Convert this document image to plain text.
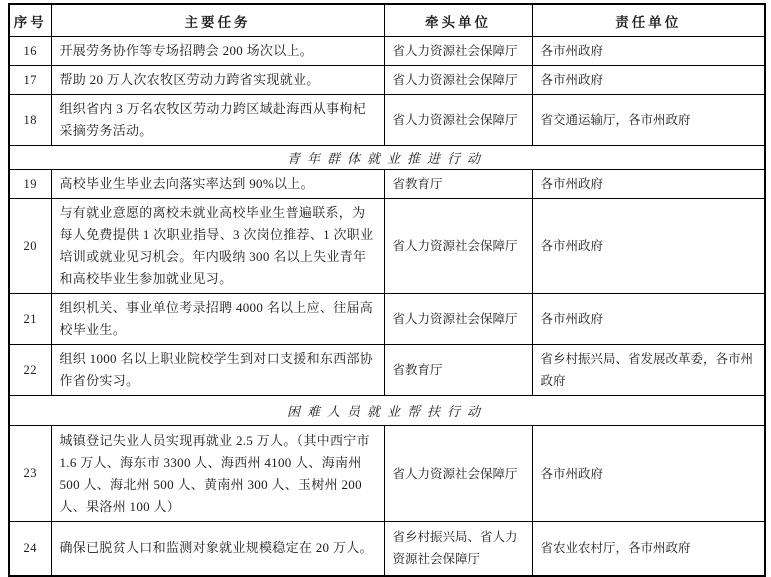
序号	主要任务	牵头单位	责任单位
16	开展劳务协作等专场招聘会 200 场次以上。	省人力资源社会保障厅	各市州政府
17	帮助 20 万人次农牧区劳动力跨省实现就业。	省人力资源社会保障厅	各市州政府
18	组织省内 3 万名农牧区劳动力跨区域赴海西从事枸杞采摘劳务活动。	省人力资源社会保障厅	省交通运输厅，各市州政府
青年群体就业推进行动			
19	高校毕业生毕业去向落实率达到 90%以上。	省教育厅	各市州政府
20	与有就业意愿的离校未就业高校毕业生普遍联系，为每人免费提供 1 次职业指导、3 次岗位推荐、1 次职业培训或就业见习机会。年内吸纳 300 名以上失业青年和高校毕业生参加就业见习。	省人力资源社会保障厅	各市州政府
21	组织机关、事业单位考录招聘 4000 名以上应、往届高校毕业生。	省人力资源社会保障厅	各市州政府
22	组织 1000 名以上职业院校学生到对口支援和东西部协作省份实习。	省教育厅	省乡村振兴局、省发展改革委，各市州政府
困难人员就业帮扶行动			
23	城镇登记失业人员实现再就业 2.5 万人。（其中西宁市 1.6 万人、海东市 3300 人、海西州 4100 人、海南州 500 人、海北州 500 人、黄南州 300 人、玉树州 200 人、果洛州 100 人）	省人力资源社会保障厅	各市州政府
24	确保已脱贫人口和监测对象就业规模稳定在 20 万人。	省乡村振兴局、省人力资源社会保障厅	省农业农村厅，各市州政府
